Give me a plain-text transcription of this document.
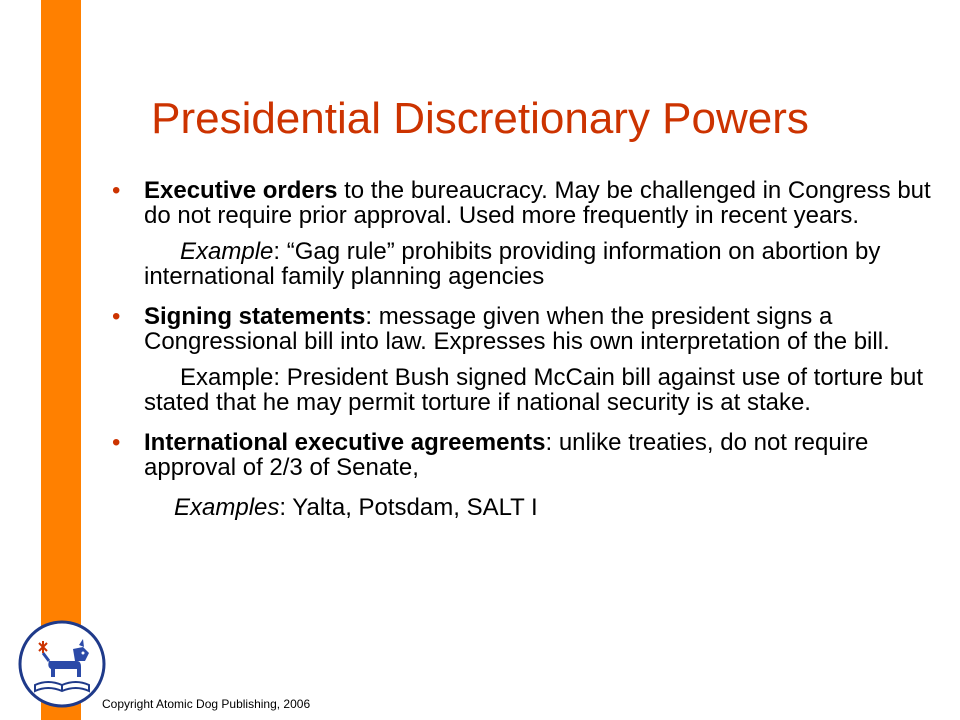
Presidential Discretionary Powers

• Executive orders to the bureaucracy. May be challenged in Congress but do not require prior approval. Used more frequently in recent years.

Example: “Gag rule” prohibits providing information on abortion by international family planning agencies

• Signing statements: message given when the president signs a Congressional bill into law. Expresses his own interpretation of the bill.

Example: President Bush signed McCain bill against use of torture but stated that he may permit torture if national security is at stake.

• International executive agreements: unlike treaties, do not require approval of 2/3 of Senate,

Examples: Yalta, Potsdam, SALT I

Copyright Atomic Dog Publishing, 2006
